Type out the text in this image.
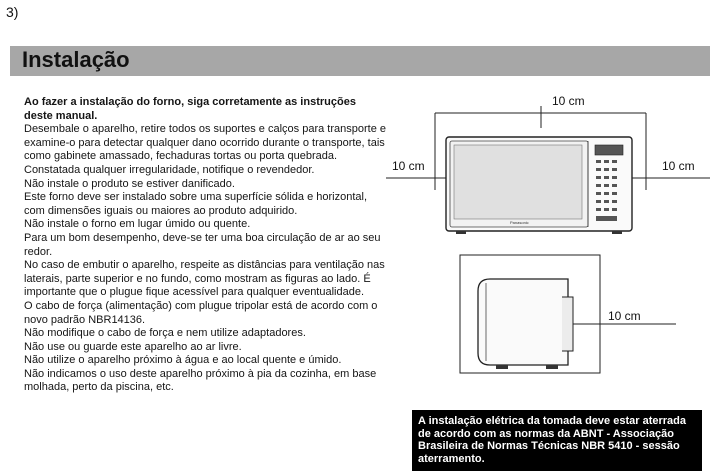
3)
Instalação

Ao fazer a instalação do forno, siga corretamente as instruções deste manual.

Desembale o aparelho, retire todos os suportes e calços para transporte e examine-o para detectar qualquer dano ocorrido durante o transporte, tais como gabinete amassado, fechaduras tortas ou porta quebrada. Constatada qualquer irregularidade, notifique o revendedor.

Não instale o produto se estiver danificado.

Este forno deve ser instalado sobre uma superfície sólida e horizontal, com dimensões iguais ou maiores ao produto adquirido.

Não instale o forno em lugar úmido ou quente.

Para um bom desempenho, deve-se ter uma boa circulação de ar ao seu redor.

No caso de embutir o aparelho, respeite as distâncias para ventilação nas laterais, parte superior e no fundo, como mostram as figuras ao lado. É importante que o plugue fique acessível para qualquer eventualidade.

O cabo de força (alimentação) com plugue tripolar está de acordo com o novo padrão NBR14136.

Não modifique o cabo de força e nem utilize adaptadores.

Não use ou guarde este aparelho ao ar livre.

Não utilize o aparelho próximo à água e ao local quente e úmido.

Não indicamos o uso deste aparelho próximo à pia da cozinha, em base molhada, perto da piscina, etc.

10 cm
10 cm	10 cm
Panasonic
10 cm

A instalação elétrica da tomada deve estar aterrada de acordo com as normas da ABNT - Associação Brasileira de Normas Técnicas NBR 5410 - sessão aterramento.
